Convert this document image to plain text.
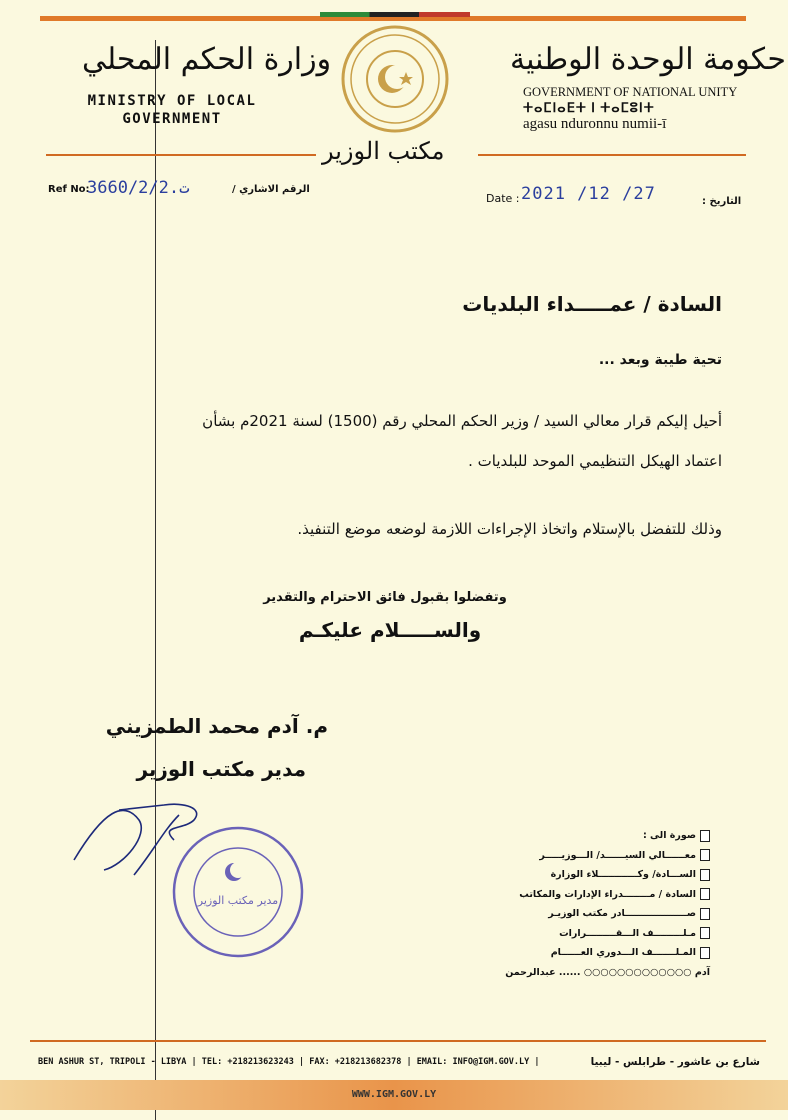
وزارة الحكم المحلي
MINISTRY OF LOCAL
GOVERNMENT
حكومة الوحدة الوطنية
GOVERNMENT OF NATIONAL UNITY
ⵜⴰⵎⵏⴰⴹⵜ ⵏ ⵜⴰⵎⵓⵏⵜ
agasu nduronnu numii-ī
مكتب الوزير
Ref No:
3660/2/ت.2	الرقم الاشاري /
Date : 2021 /12 /27	التاريخ :
السادة / عمـــــداء البلديات
تحية طيبة وبعد ...
أحيل إليكم قرار معالي السيد / وزير الحكم المحلي رقم (1500) لسنة 2021م بشأن
اعتماد الهيكل التنظيمي الموحد للبلديات .
وذلك للتفضل بالإستلام واتخاذ الإجراءات اللازمة لوضعه موضع التنفيذ.
وتفضلوا بقبول فائق الاحترام والتقدير
والســـــلام عليكـم
م. آدم محمد الطمزيني
مدير مكتب الوزير
مدير مكتب الوزير
صورة الى :
معــــــالي السيــــــد/ الـــوزيـــــر
الســـادة/ وكــــــــــــلاء الوزارة
السادة / مــــــــدراء الإدارات والمكاتب
صـــــــــــــــــــادر مكتب الوزيـر
مـلـــــــــف الـــقـــــــــرارات
المـلـــــــف الـــدوري العــــــام
آدم ○○○○○○○○○○○○○ ...... عبدالرحمن
BEN ASHUR ST, TRIPOLI - LIBYA | TEL: +218213623243 | FAX: +218213682378 | EMAIL: INFO@IGM.GOV.LY |	شارع بن عاشور - طرابلس - ليبيا
WWW.IGM.GOV.LY
